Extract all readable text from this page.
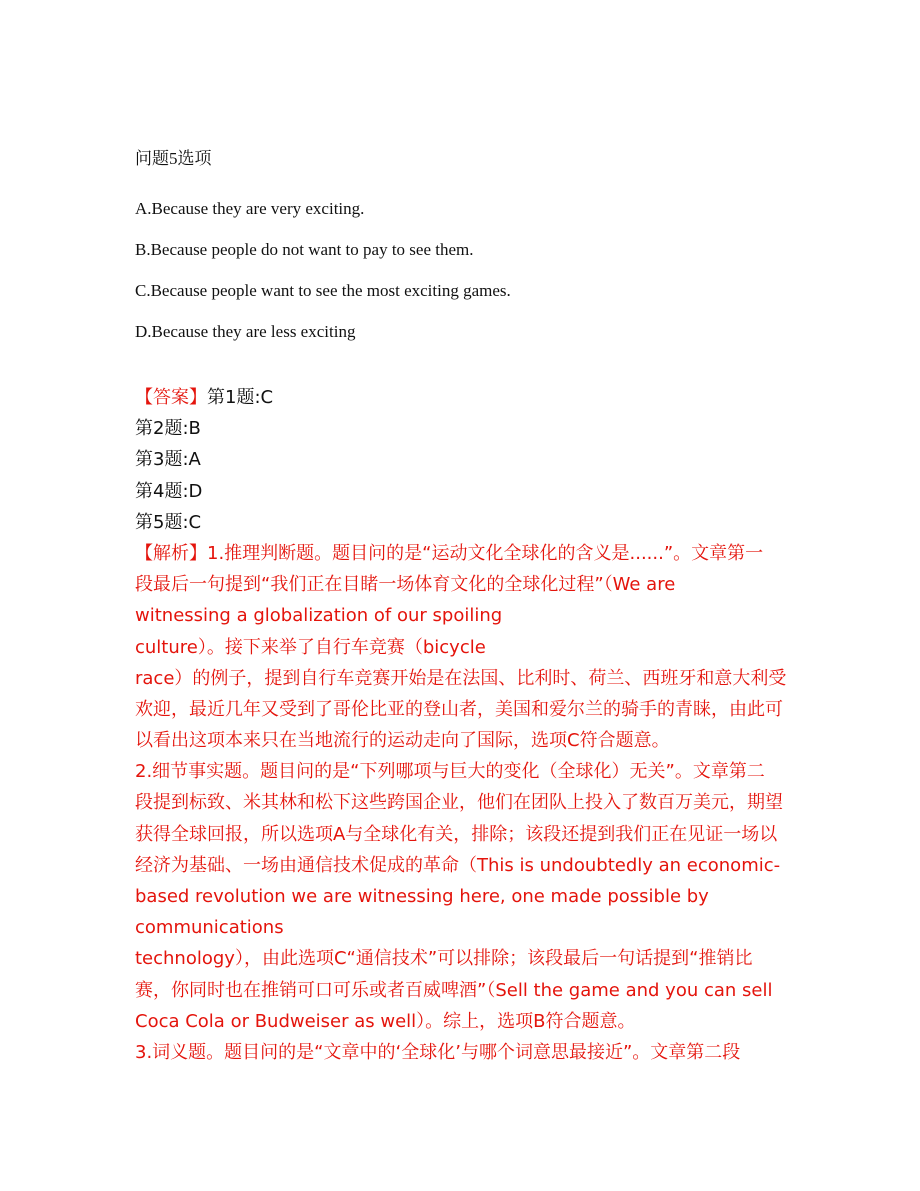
问题5选项
A.Because they are very exciting.
B.Because people do not want to pay to see them.
C.Because people want to see the most exciting games.
D.Because they are less exciting
【答案】第1题:C
第2题:B
第3题:A
第4题:D
第5题:C
【解析】1.推理判断题。题目问的是“运动文化全球化的含义是......”。文章第一
段最后一句提到“我们正在目睹一场体育文化的全球化过程”（We are
witnessing a globalization of our spoiling
culture）。接下来举了自行车竞赛（bicycle
race）的例子，提到自行车竞赛开始是在法国、比利时、荷兰、西班牙和意大利受
欢迎，最近几年又受到了哥伦比亚的登山者，美国和爱尔兰的骑手的青睐，由此可
以看出这项本来只在当地流行的运动走向了国际，选项C符合题意。
2.细节事实题。题目问的是“下列哪项与巨大的变化（全球化）无关”。文章第二
段提到标致、米其林和松下这些跨国企业，他们在团队上投入了数百万美元，期望
获得全球回报，所以选项A与全球化有关，排除；该段还提到我们正在见证一场以
经济为基础、一场由通信技术促成的革命（This is undoubtedly an economic-
based revolution we are witnessing here, one made possible by
communications
technology），由此选项C“通信技术”可以排除；该段最后一句话提到“推销比
赛，你同时也在推销可口可乐或者百威啤酒”（Sell the game and you can sell
Coca Cola or Budweiser as well）。综上，选项B符合题意。
3.词义题。题目问的是“文章中的‘全球化’与哪个词意思最接近”。文章第二段
